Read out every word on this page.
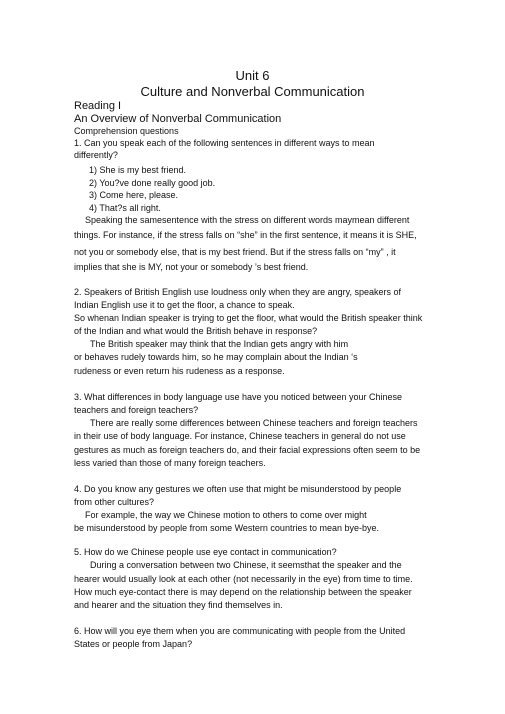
Unit 6
Culture and Nonverbal Communication
Reading I
An Overview of Nonverbal Communication
Comprehension questions
1. Can you speak each of the following sentences in different ways to mean
differently?
1) She is my best friend.
2) You?ve done really good job.
3) Come here, please.
4) That?s all right.
Speaking the samesentence with the stress on different words maymean different
things. For instance, if the stress falls on “she” in the first sentence, it means it is SHE,
not you or somebody else, that is my best friend. But if the stress falls on “my” , it
implies that she is MY, not your or somebody ’s best friend.
2. Speakers of British English use loudness only when they are angry, speakers of
Indian English use it to get the floor, a chance to speak.
So whenan Indian speaker is trying to get the floor, what would the British speaker think
of the Indian and what would the British behave in response?
The British speaker may think that the Indian gets angry with him
or behaves rudely towards him, so he may complain about the Indian ‘s
rudeness or even return his rudeness as a response.
3. What differences in body language use have you noticed between your Chinese
teachers and foreign teachers?
There are really some differences between Chinese teachers and foreign teachers
in their use of body language. For instance, Chinese teachers in general do not use
gestures as much as foreign teachers do, and their facial expressions often seem to be
less varied than those of many foreign teachers.
4. Do you know any gestures we often use that might be misunderstood by people
from other cultures?
For example, the way we Chinese motion to others to come over might
be misunderstood by people from some Western countries to mean bye-bye.
5. How do we Chinese people use eye contact in communication?
During a conversation between two Chinese, it seemsthat the speaker and the
hearer would usually look at each other (not necessarily in the eye) from time to time.
How much eye-contact there is may depend on the relationship between the speaker
and hearer and the situation they find themselves in.
6. How will you eye them when you are communicating with people from the United
States or people from Japan?
